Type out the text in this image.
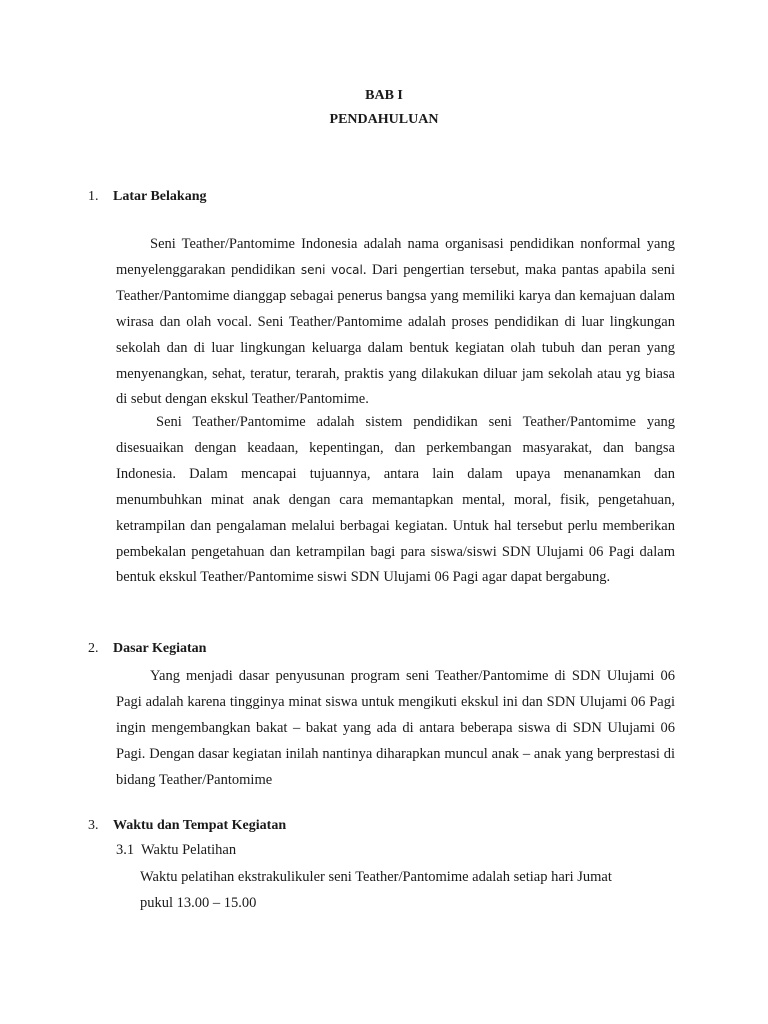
BAB I
PENDAHULUAN
1. Latar Belakang

Seni Teather/Pantomime Indonesia adalah nama organisasi pendidikan nonformal yang menyelenggarakan pendidikan seni vocal. Dari pengertian tersebut, maka pantas apabila seni Teather/Pantomime dianggap sebagai penerus bangsa yang memiliki karya dan kemajuan dalam wirasa dan olah vocal. Seni Teather/Pantomime adalah proses pendidikan di luar lingkungan sekolah dan di luar lingkungan keluarga dalam bentuk kegiatan olah tubuh dan peran yang menyenangkan, sehat, teratur, terarah, praktis yang dilakukan diluar jam sekolah atau yg biasa di sebut dengan ekskul Teather/Pantomime.

Seni Teather/Pantomime adalah sistem pendidikan seni Teather/Pantomime yang disesuaikan dengan keadaan, kepentingan, dan perkembangan masyarakat, dan bangsa Indonesia. Dalam mencapai tujuannya, antara lain dalam upaya menanamkan dan menumbuhkan minat anak dengan cara memantapkan mental, moral, fisik, pengetahuan, ketrampilan dan pengalaman melalui berbagai kegiatan. Untuk hal tersebut perlu memberikan pembekalan pengetahuan dan ketrampilan bagi para siswa/siswi SDN Ulujami 06 Pagi dalam bentuk ekskul Teather/Pantomime siswi SDN Ulujami 06 Pagi agar dapat bergabung.

2. Dasar Kegiatan

Yang menjadi dasar penyusunan program seni Teather/Pantomime di SDN Ulujami 06 Pagi adalah karena tingginya minat siswa untuk mengikuti ekskul ini dan SDN Ulujami 06 Pagi ingin mengembangkan bakat – bakat yang ada di antara beberapa siswa di SDN Ulujami 06 Pagi. Dengan dasar kegiatan inilah nantinya diharapkan muncul anak – anak yang berprestasi di bidang Teather/Pantomime

3. Waktu dan Tempat Kegiatan
3.1 Waktu Pelatihan

Waktu pelatihan ekstrakulikuler seni Teather/Pantomime adalah setiap hari Jumat

pukul 13.00 – 15.00
